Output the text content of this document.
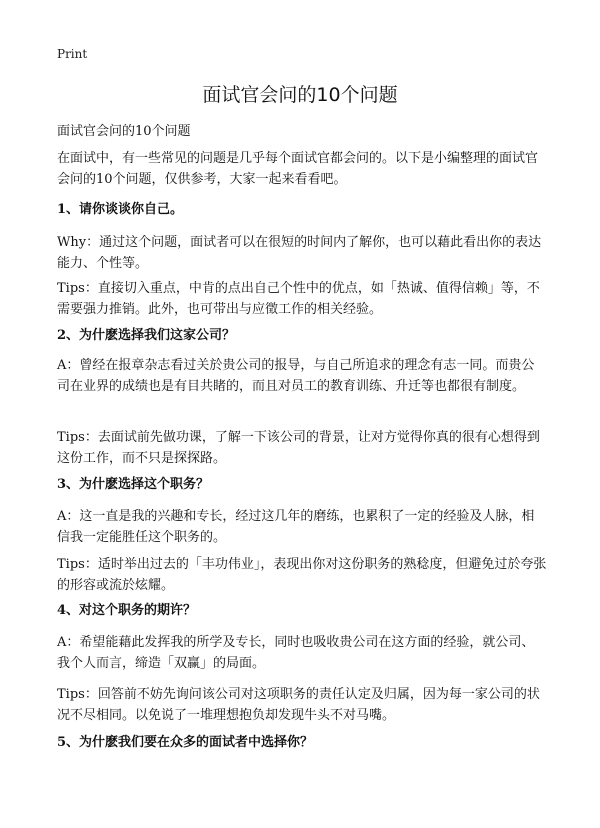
Print
面试官会问的10个问题
面试官会问的10个问题
在面试中，有一些常见的问题是几乎每个面试官都会问的。以下是小编整理的面试官会问的10个问题，仅供参考，大家一起来看看吧。
1、请你谈谈你自己。
Why：通过这个问题，面试者可以在很短的时间内了解你，也可以藉此看出你的表达能力、个性等。
Tips：直接切入重点，中肯的点出自己个性中的优点，如「热诚、值得信赖」等，不需要强力推销。此外，也可带出与应徵工作的相关经验。
2、为什麽选择我们这家公司？
A：曾经在报章杂志看过关於贵公司的报导，与自己所追求的理念有志一同。而贵公司在业界的成绩也是有目共睹的，而且对员工的教育训练、升迁等也都很有制度。
Tips：去面试前先做功课，了解一下该公司的背景，让对方觉得你真的很有心想得到这份工作，而不只是探探路。
3、为什麽选择这个职务？
A：这一直是我的兴趣和专长，经过这几年的磨练，也累积了一定的经验及人脉，相信我一定能胜任这个职务的。
Tips：适时举出过去的「丰功伟业」，表现出你对这份职务的熟稔度，但避免过於夸张的形容或流於炫耀。
4、对这个职务的期许？
A：希望能藉此发挥我的所学及专长，同时也吸收贵公司在这方面的经验，就公司、我个人而言，缔造「双赢」的局面。
Tips：回答前不妨先询问该公司对这项职务的责任认定及归属，因为每一家公司的状况不尽相同。以免说了一堆理想抱负却发现牛头不对马嘴。
5、为什麽我们要在众多的面试者中选择你？
